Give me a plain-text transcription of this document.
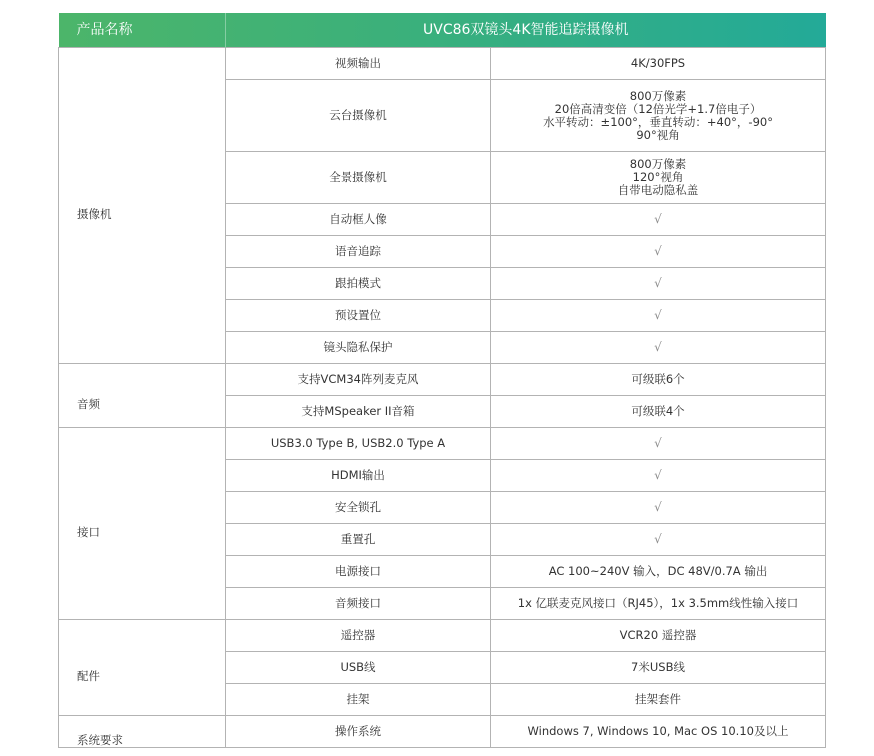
产品名称	UVC86双镜头4K智能追踪摄像机	
摄像机	视频输出	4K/30FPS

	云台摄像机	800万像素
20倍高清变倍（12倍光学+1.7倍电子）
水平转动：±100°，垂直转动：+40°，-90°
90°视角

	全景摄像机	800万像素
120°视角
自带电动隐私盖

	自动框人像	√

	语音追踪	√

	跟拍模式	√

	预设置位	√

	镜头隐私保护	√

音频	支持VCM34阵列麦克风	可级联6个

	支持MSpeaker II音箱	可级联4个

接口	USB3.0 Type B, USB2.0 Type A	√

	HDMI输出	√

	安全锁孔	√

	重置孔	√

	电源接口	AC 100~240V 输入，DC 48V/0.7A 输出

	音频接口	1x 亿联麦克风接口（RJ45），1x 3.5mm线性输入接口

配件	遥控器	VCR20 遥控器

	USB线	7米USB线

	挂架	挂架套件

系统要求	操作系统	Windows 7, Windows 10, Mac OS 10.10及以上
